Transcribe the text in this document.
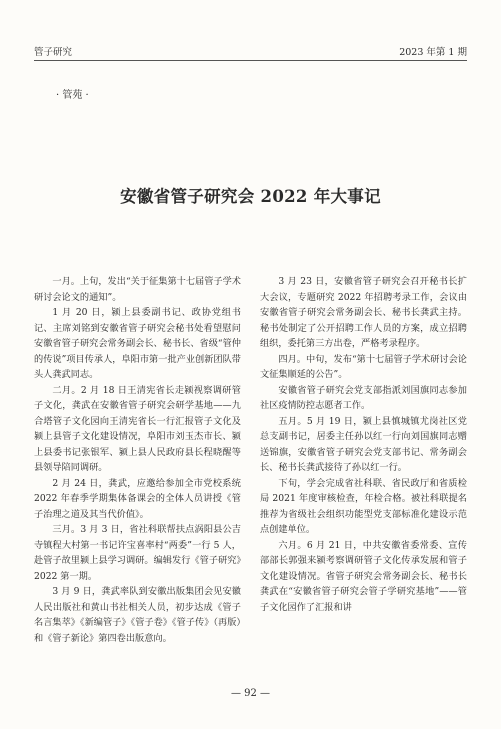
管子研究	2023 年第 1 期
· 管苑 ·
安徽省管子研究会 2022 年大事记

一月。上旬，发出“关于征集第十七届管子学术研讨会论文的通知”。

1 月 20 日，颍上县委副书记、政协党组书记、主席刘铭到安徽省管子研究会秘书处看望慰问安徽省管子研究会常务副会长、秘书长、省级“管仲的传说”项目传承人，阜阳市第一批产业创新团队带头人龚武同志。

二月。2 月 18 日王清宪省长走颍视察调研管子文化，龚武在安徽省管子研究会研学基地——九合塔管子文化园向王清宪省长一行汇报管子文化及颍上县管子文化建设情况，阜阳市刘玉杰市长、颍上县委书记张银军、颍上县人民政府县长程晓醒等县领导陪同调研。

2 月 24 日，龚武，应邀给参加全市党校系统 2022 年春季学期集体备课会的全体人员讲授《管子治理之道及其当代价值》。

三月。3 月 3 日，省社科联帮扶点涡阳县公吉寺镇程大村第一书记许宝喜率村“两委”一行 5 人，赴管子故里颍上县学习调研。编辑发行《管子研究》2022 第一期。

3 月 9 日，龚武率队到安徽出版集团会见安徽人民出版社和黄山书社相关人员，初步达成《管子名言集萃》《新编管子》《管子卷》《管子传》（再版）和《管子新论》第四卷出版意向。

3 月 23 日，安徽省管子研究会召开秘书长扩大会议，专题研究 2022 年招聘考录工作，会议由安徽省管子研究会常务副会长、秘书长龚武主持。秘书处制定了公开招聘工作人员的方案，成立招聘组织，委托第三方出卷，严格考录程序。

四月。中旬，发布“第十七届管子学术研讨会论文征集顺延的公告”。

安徽省管子研究会党支部指派刘国旗同志参加社区疫情防控志愿者工作。

五月。5 月 19 日，颍上县慎城镇尤岗社区党总支副书记，居委主任孙以红一行向刘国旗同志赠送锦旗，安徽省管子研究会党支部书记、常务副会长、秘书长龚武接待了孙以红一行。

下旬，学会完成省社科联、省民政厅和省质检局 2021 年度审核检查，年检合格。被社科联提名推荐为省级社会组织功能型党支部标准化建设示范点创建单位。

六月。6 月 21 日，中共安徽省委常委、宣传部部长郭强来颍考察调研管子文化传承发展和管子文化建设情况。省管子研究会常务副会长、秘书长龚武在“安徽省管子研究会管子学研究基地”——管子文化园作了汇报和讲

— 92 —
